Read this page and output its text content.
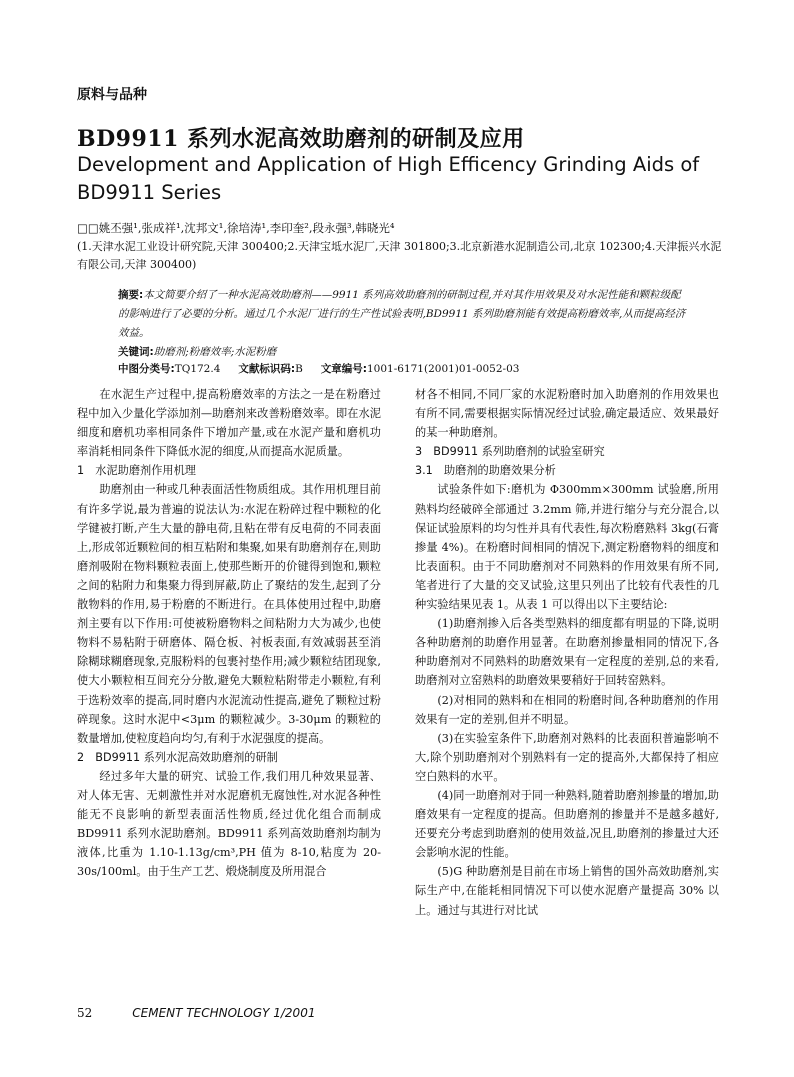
原料与品种
BD9911 系列水泥高效助磨剂的研制及应用
Development and Application of High Efficency Grinding Aids of BD9911 Series
□□姚丕强¹,张成祥¹,沈邦文¹,徐培涛¹,李印奎²,段永强³,韩晓光⁴
(1.天津水泥工业设计研究院,天津 300400;2.天津宝坻水泥厂,天津 301800;3.北京新港水泥制造公司,北京 102300;4.天津振兴水泥有限公司,天津 300400)
摘要:本文简要介绍了一种水泥高效助磨剂——9911 系列高效助磨剂的研制过程,并对其作用效果及对水泥性能和颗粒级配的影响进行了必要的分析。通过几个水泥厂进行的生产性试验表明,BD9911 系列助磨剂能有效提高粉磨效率,从而提高经济效益。
关键词:助磨剂;粉磨效率;水泥粉磨
中图分类号:TQ172.4 文献标识码:B 文章编号:1001-6171(2001)01-0052-03

在水泥生产过程中,提高粉磨效率的方法之一是在粉磨过程中加入少量化学添加剂—助磨剂来改善粉磨效率。即在水泥细度和磨机功率相同条件下增加产量,或在水泥产量和磨机功率消耗相同条件下降低水泥的细度,从而提高水泥质量。

1　水泥助磨剂作用机理

助磨剂由一种或几种表面活性物质组成。其作用机理目前有许多学说,最为普遍的说法认为:水泥在粉碎过程中颗粒的化学键被打断,产生大量的静电荷,且粘在带有反电荷的不同表面上,形成邻近颗粒间的相互粘附和集聚,如果有助磨剂存在,则助磨剂吸附在物料颗粒表面上,使那些断开的价键得到饱和,颗粒之间的粘附力和集聚力得到屏蔽,防止了聚结的发生,起到了分散物料的作用,易于粉磨的不断进行。在具体使用过程中,助磨剂主要有以下作用:可使被粉磨物料之间粘附力大为减少,也使物料不易粘附于研磨体、隔仓板、衬板表面,有效减弱甚至消除糊球糊磨现象,克服粉料的包裹衬垫作用;减少颗粒结团现象,使大小颗粒相互间充分分散,避免大颗粒粘附带走小颗粒,有利于选粉效率的提高,同时磨内水泥流动性提高,避免了颗粒过粉碎现象。这时水泥中<3μm 的颗粒减少。3-30μm 的颗粒的数量增加,使粒度趋向均匀,有利于水泥强度的提高。

2　BD9911 系列水泥高效助磨剂的研制

经过多年大量的研究、试验工作,我们用几种效果显著、对人体无害、无刺激性并对水泥磨机无腐蚀性,对水泥各种性能无不良影响的新型表面活性物质,经过优化组合而制成 BD9911 系列水泥助磨剂。BD9911 系列高效助磨剂均制为液体,比重为 1.10-1.13g/cm³,PH 值为 8-10,粘度为 20-30s/100ml。由于生产工艺、煅烧制度及所用混合

材各不相同,不同厂家的水泥粉磨时加入助磨剂的作用效果也有所不同,需要根据实际情况经过试验,确定最适应、效果最好的某一种助磨剂。

3　BD9911 系列助磨剂的试验室研究
3.1　助磨剂的助磨效果分析

试验条件如下:磨机为 Φ300mm×300mm 试验磨,所用熟料均经破碎全部通过 3.2mm 筛,并进行缩分与充分混合,以保证试验原料的均匀性并具有代表性,每次粉磨熟料 3kg(石膏掺量 4%)。在粉磨时间相同的情况下,测定粉磨物料的细度和比表面积。由于不同助磨剂对不同熟料的作用效果有所不同,笔者进行了大量的交叉试验,这里只列出了比较有代表性的几种实验结果见表 1。从表 1 可以得出以下主要结论:

(1)助磨剂掺入后各类型熟料的细度都有明显的下降,说明各种助磨剂的助磨作用显著。在助磨剂掺量相同的情况下,各种助磨剂对不同熟料的助磨效果有一定程度的差别,总的来看,助磨剂对立窑熟料的助磨效果要稍好于回转窑熟料。

(2)对相同的熟料和在相同的粉磨时间,各种助磨剂的作用效果有一定的差别,但并不明显。

(3)在实验室条件下,助磨剂对熟料的比表面积普遍影响不大,除个别助磨剂对个别熟料有一定的提高外,大都保持了相应空白熟料的水平。

(4)同一助磨剂对于同一种熟料,随着助磨剂掺量的增加,助磨效果有一定程度的提高。但助磨剂的掺量并不是越多越好,还要充分考虑到助磨剂的使用效益,况且,助磨剂的掺量过大还会影响水泥的性能。

(5)G 种助磨剂是目前在市场上销售的国外高效助磨剂,实际生产中,在能耗相同情况下可以使水泥磨产量提高 30% 以上。通过与其进行对比试

52	CEMENT TECHNOLOGY 1/2001
